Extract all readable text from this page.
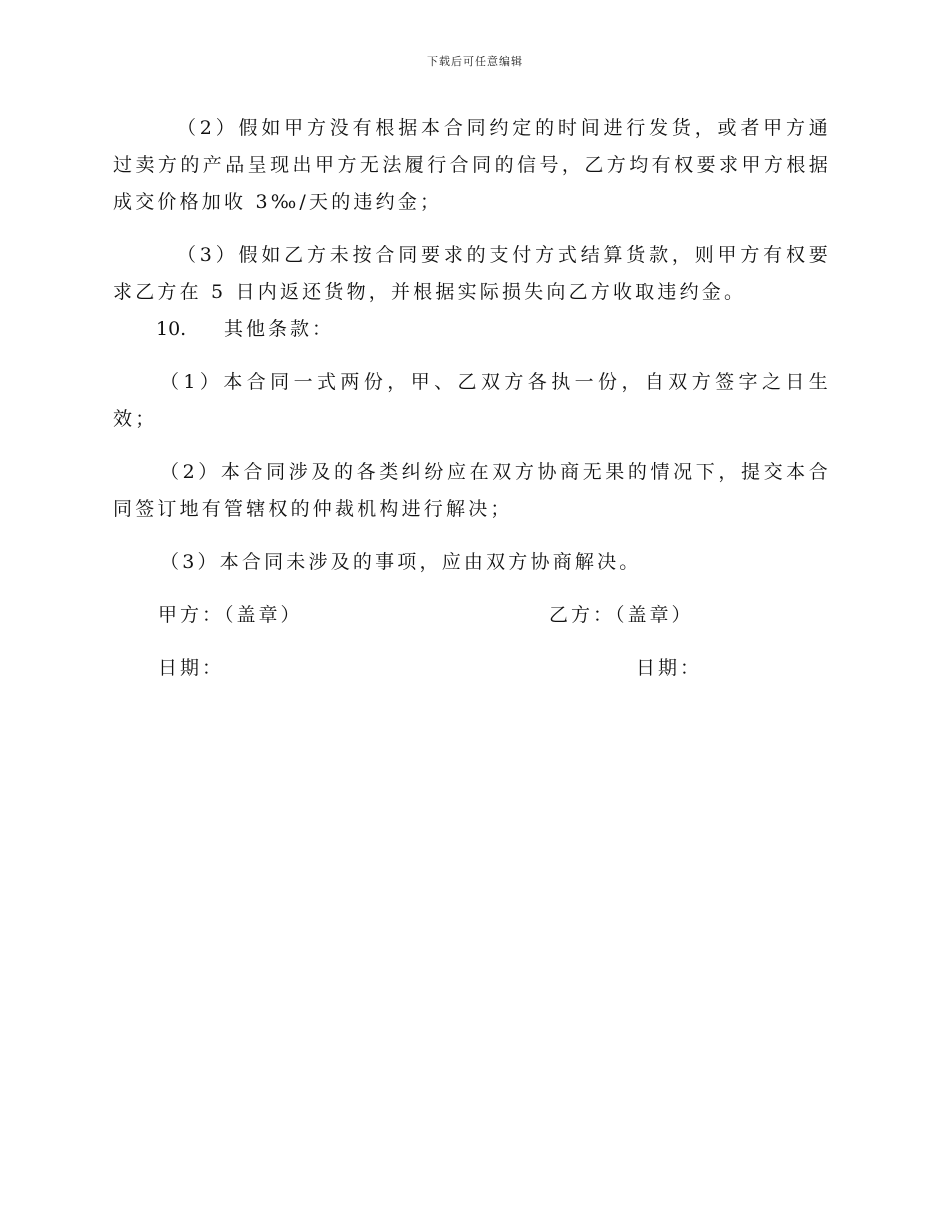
下载后可任意编辑

（2）假如甲方没有根据本合同约定的时间进行发货，或者甲方通过卖方的产品呈现出甲方无法履行合同的信号，乙方均有权要求甲方根据成交价格加收 3‰/天的违约金；

（3）假如乙方未按合同要求的支付方式结算货款，则甲方有权要求乙方在 5 日内返还货物，并根据实际损失向乙方收取违约金。

10. 其他条款：

（1）本合同一式两份，甲、乙双方各执一份，自双方签字之日生效；

（2）本合同涉及的各类纠纷应在双方协商无果的情况下，提交本合同签订地有管辖权的仲裁机构进行解决；

（3）本合同未涉及的事项，应由双方协商解决。

甲方：（盖章）	乙方：（盖章）
日期：	日期：
